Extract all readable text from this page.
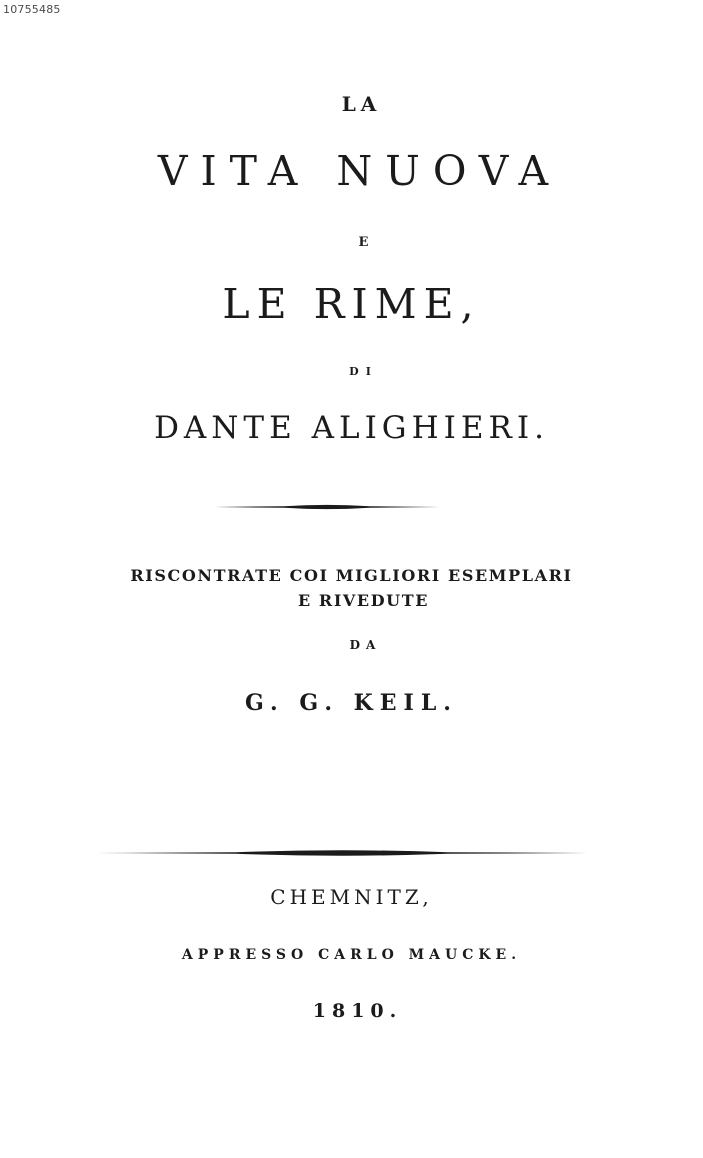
10755485
LA
VITA NUOVA
E
LE RIME,
DI
DANTE ALIGHIERI.
RISCONTRATE COI MIGLIORI ESEMPLARI
E RIVEDUTE
DA
G. G. KEIL.
CHEMNITZ,
APPRESSO CARLO MAUCKE.
1810.
